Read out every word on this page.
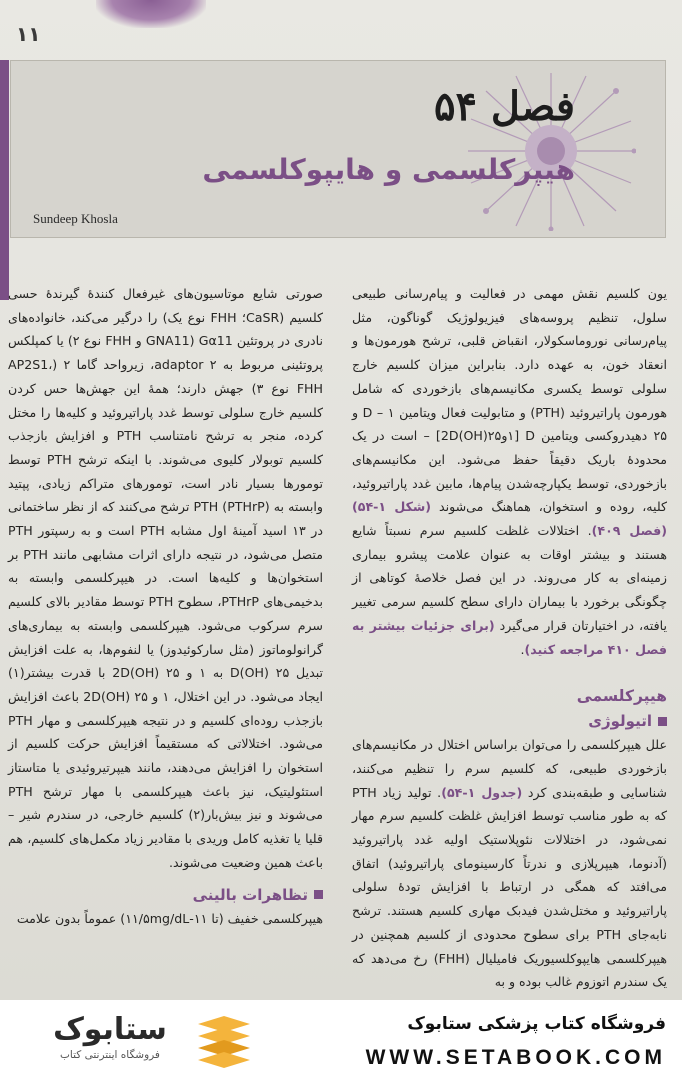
۱۱
فصل ۵۴
هیپرکلسمی و هایپوکلسمی
Sundeep Khosla

یون کلسیم نقش مهمی در فعالیت و پیام‌رسانی طبیعی سلول، تنظیم پروسه‌های فیزیولوژیک گوناگون، مثل پیام‌رسانی نوروماسکولار، انقباض قلبی، ترشح هورمون‌ها و انعقاد خون، به عهده دارد. بنابراین میزان کلسیم خارج سلولی توسط یکسری مکانیسم‌های بازخوردی که شامل هورمون پاراتیروئید (PTH) و متابولیت فعال ویتامین D – ۱ و ۲۵ دهیدروکسی ویتامین D [۱و۲۵(OH)2D] – است در یک محدودهٔ باریک دقیقاً حفظ می‌شود. این مکانیسم‌های بازخوردی، توسط یکپارچه‌شدن پیام‌ها، مابین غدد پاراتیروئید، کلیه، روده و استخوان، هماهنگ می‌شوند (شکل ۱-۵۴) (فصل ۴۰۹). اختلالات غلظت کلسیم سرم نسبتاً شایع هستند و بیشتر اوقات به عنوان علامت پیشرو بیماری زمینه‌ای به کار می‌روند. در این فصل خلاصهٔ کوتاهی از چگونگی برخورد با بیماران دارای سطح کلسیم سرمی تغییر یافته، در اختیارتان قرار می‌گیرد (برای جزئیات بیشتر به فصل ۴۱۰ مراجعه کنید).

هیپرکلسمی
اتیولوژی

علل هیپرکلسمی را می‌توان براساس اختلال در مکانیسم‌های بازخوردی طبیعی، که کلسیم سرم را تنظیم می‌کنند، شناسایی و طبقه‌بندی کرد (جدول ۱-۵۴). تولید زیاد PTH که به طور مناسب توسط افزایش غلظت کلسیم سرم مهار نمی‌شود، در اختلالات نئوپلاستیک اولیه غدد پاراتیروئید (آدنوما، هیپرپلازی و ندرتاً کارسینومای پاراتیروئید) اتفاق می‌افتد که همگی در ارتباط با افزایش تودهٔ سلولی پاراتیروئید و مختل‌شدن فیدبک مهاری کلسیم هستند. ترشح نابه‌جای PTH برای سطوح محدودی از کلسیم همچنین در هیپرکلسمی هایپوکلسیوریک فامیلیال (FHH) رخ می‌دهد که یک سندرم اتوزوم غالب بوده و به

صورتی شایع موتاسیون‌های غیرفعال کنندهٔ گیرندهٔ حسی کلسیم (CaSR؛ FHH نوع یک) را درگیر می‌کند، خانواده‌های نادری در پروتئین Gα11 (GNA11 و FHH نوع ۲) یا کمپلکس پروتئینی مربوط به adaptor ۲، زیرواحد گاما ۲ (AP2S1، FHH نوع ۳) جهش دارند؛ همهٔ این جهش‌ها حس کردن کلسیم خارج سلولی توسط غدد پاراتیروئید و کلیه‌ها را مختل کرده، منجر به ترشح نامتناسب PTH و افزایش بازجذب کلسیم توبولار کلیوی می‌شوند. با اینکه ترشح PTH توسط تومورها بسیار نادر است، تومورهای متراکم زیادی، پپتید وابسته به PTH (PTHrP) ترشح می‌کنند که از نظر ساختمانی در ۱۳ اسید آمینهٔ اول مشابه PTH است و به رسپتور PTH متصل می‌شود، در نتیجه دارای اثرات مشابهی مانند PTH بر استخوان‌ها و کلیه‌ها است. در هیپرکلسمی وابسته به بدخیمی‌های PTHrP، سطوح PTH توسط مقادیر بالای کلسیم سرم سرکوب می‌شود. هیپرکلسمی وابسته به بیماری‌های گرانولوماتوز (مثل سارکوئیدوز) یا لنفوم‌ها، به علت افزایش تبدیل ۲۵ (OH)D به ۱ و ۲۵ (OH)2D با قدرت بیشتر(۱) ایجاد می‌شود. در این اختلال، ۱ و ۲۵ (OH)2D باعث افزایش بازجذب روده‌ای کلسیم و در نتیجه هیپرکلسمی و مهار PTH می‌شود. اختلالاتی که مستقیماً افزایش حرکت کلسیم از استخوان را افزایش می‌دهند، مانند هیپرتیروئیدی یا متاستاز استئولیتیک، نیز باعث هیپرکلسمی با مهار ترشح PTH می‌شوند و نیز بیش‌بار(۲) کلسیم خارجی، در سندرم شیر – قلیا یا تغذیه کامل وریدی با مقادیر زیاد مکمل‌های کلسیم، هم باعث همین وضعیت می‌شوند.

تظاهرات بالینی

هیپرکلسمی خفیف (تا ۱۱-۱۱/۵mg/dL) عموماً بدون علامت

ستابوک
فروشگاه اینترنتی کتاب
فروشگاه کتاب پزشکی ستابوک
WWW.SETABOOK.COM
